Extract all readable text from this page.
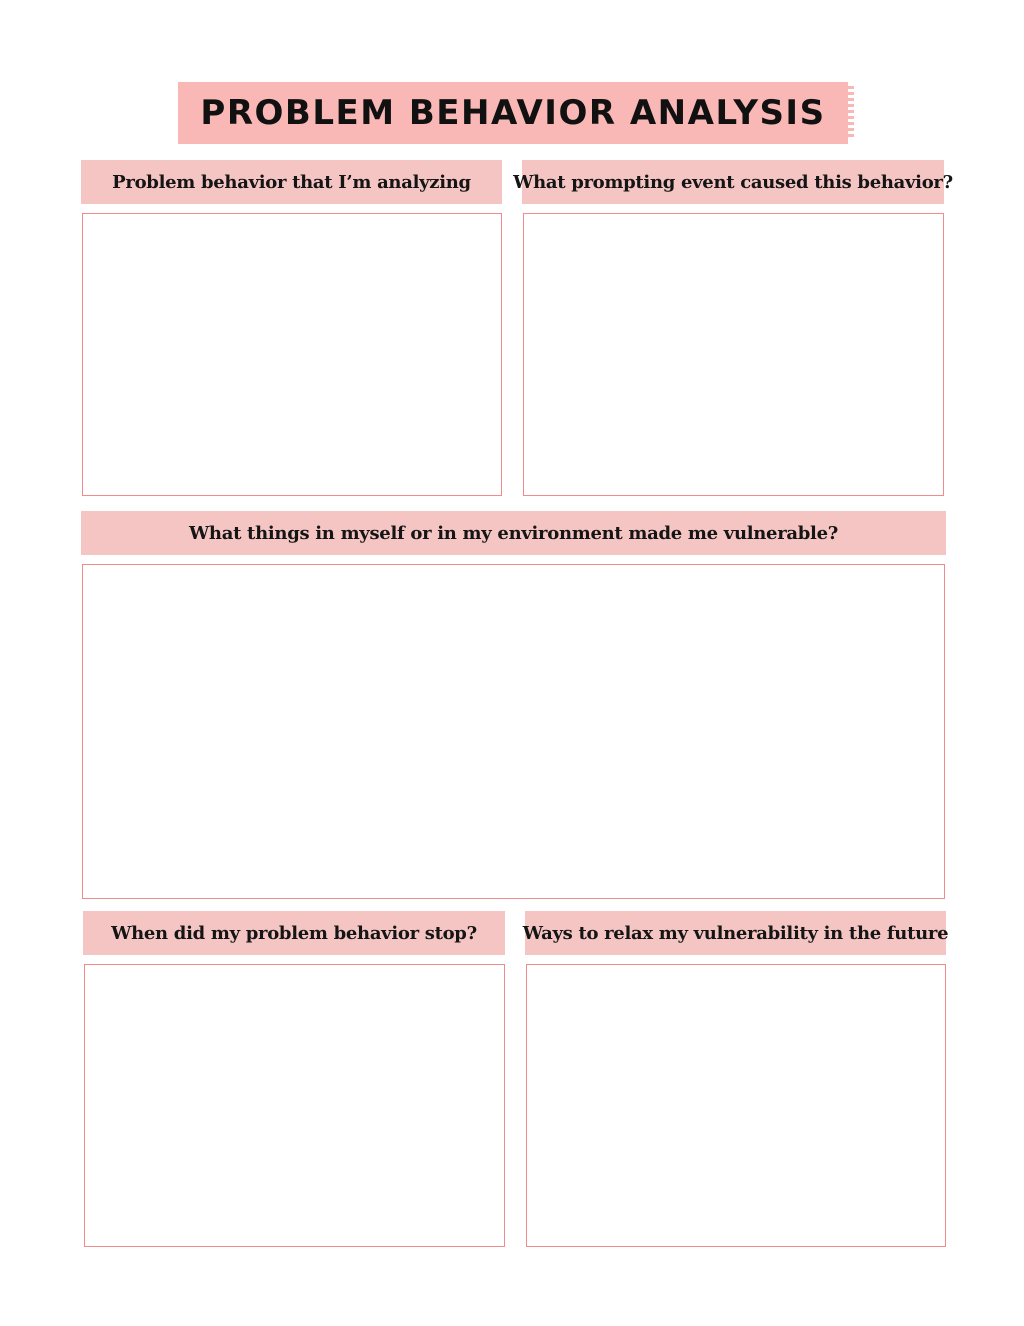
PROBLEM BEHAVIOR ANALYSIS
Problem behavior that I’m analyzing What prompting event caused this behavior?
What things in myself or in my environment made me vulnerable?
When did my problem behavior stop?	Ways to relax my vulnerability in the future
